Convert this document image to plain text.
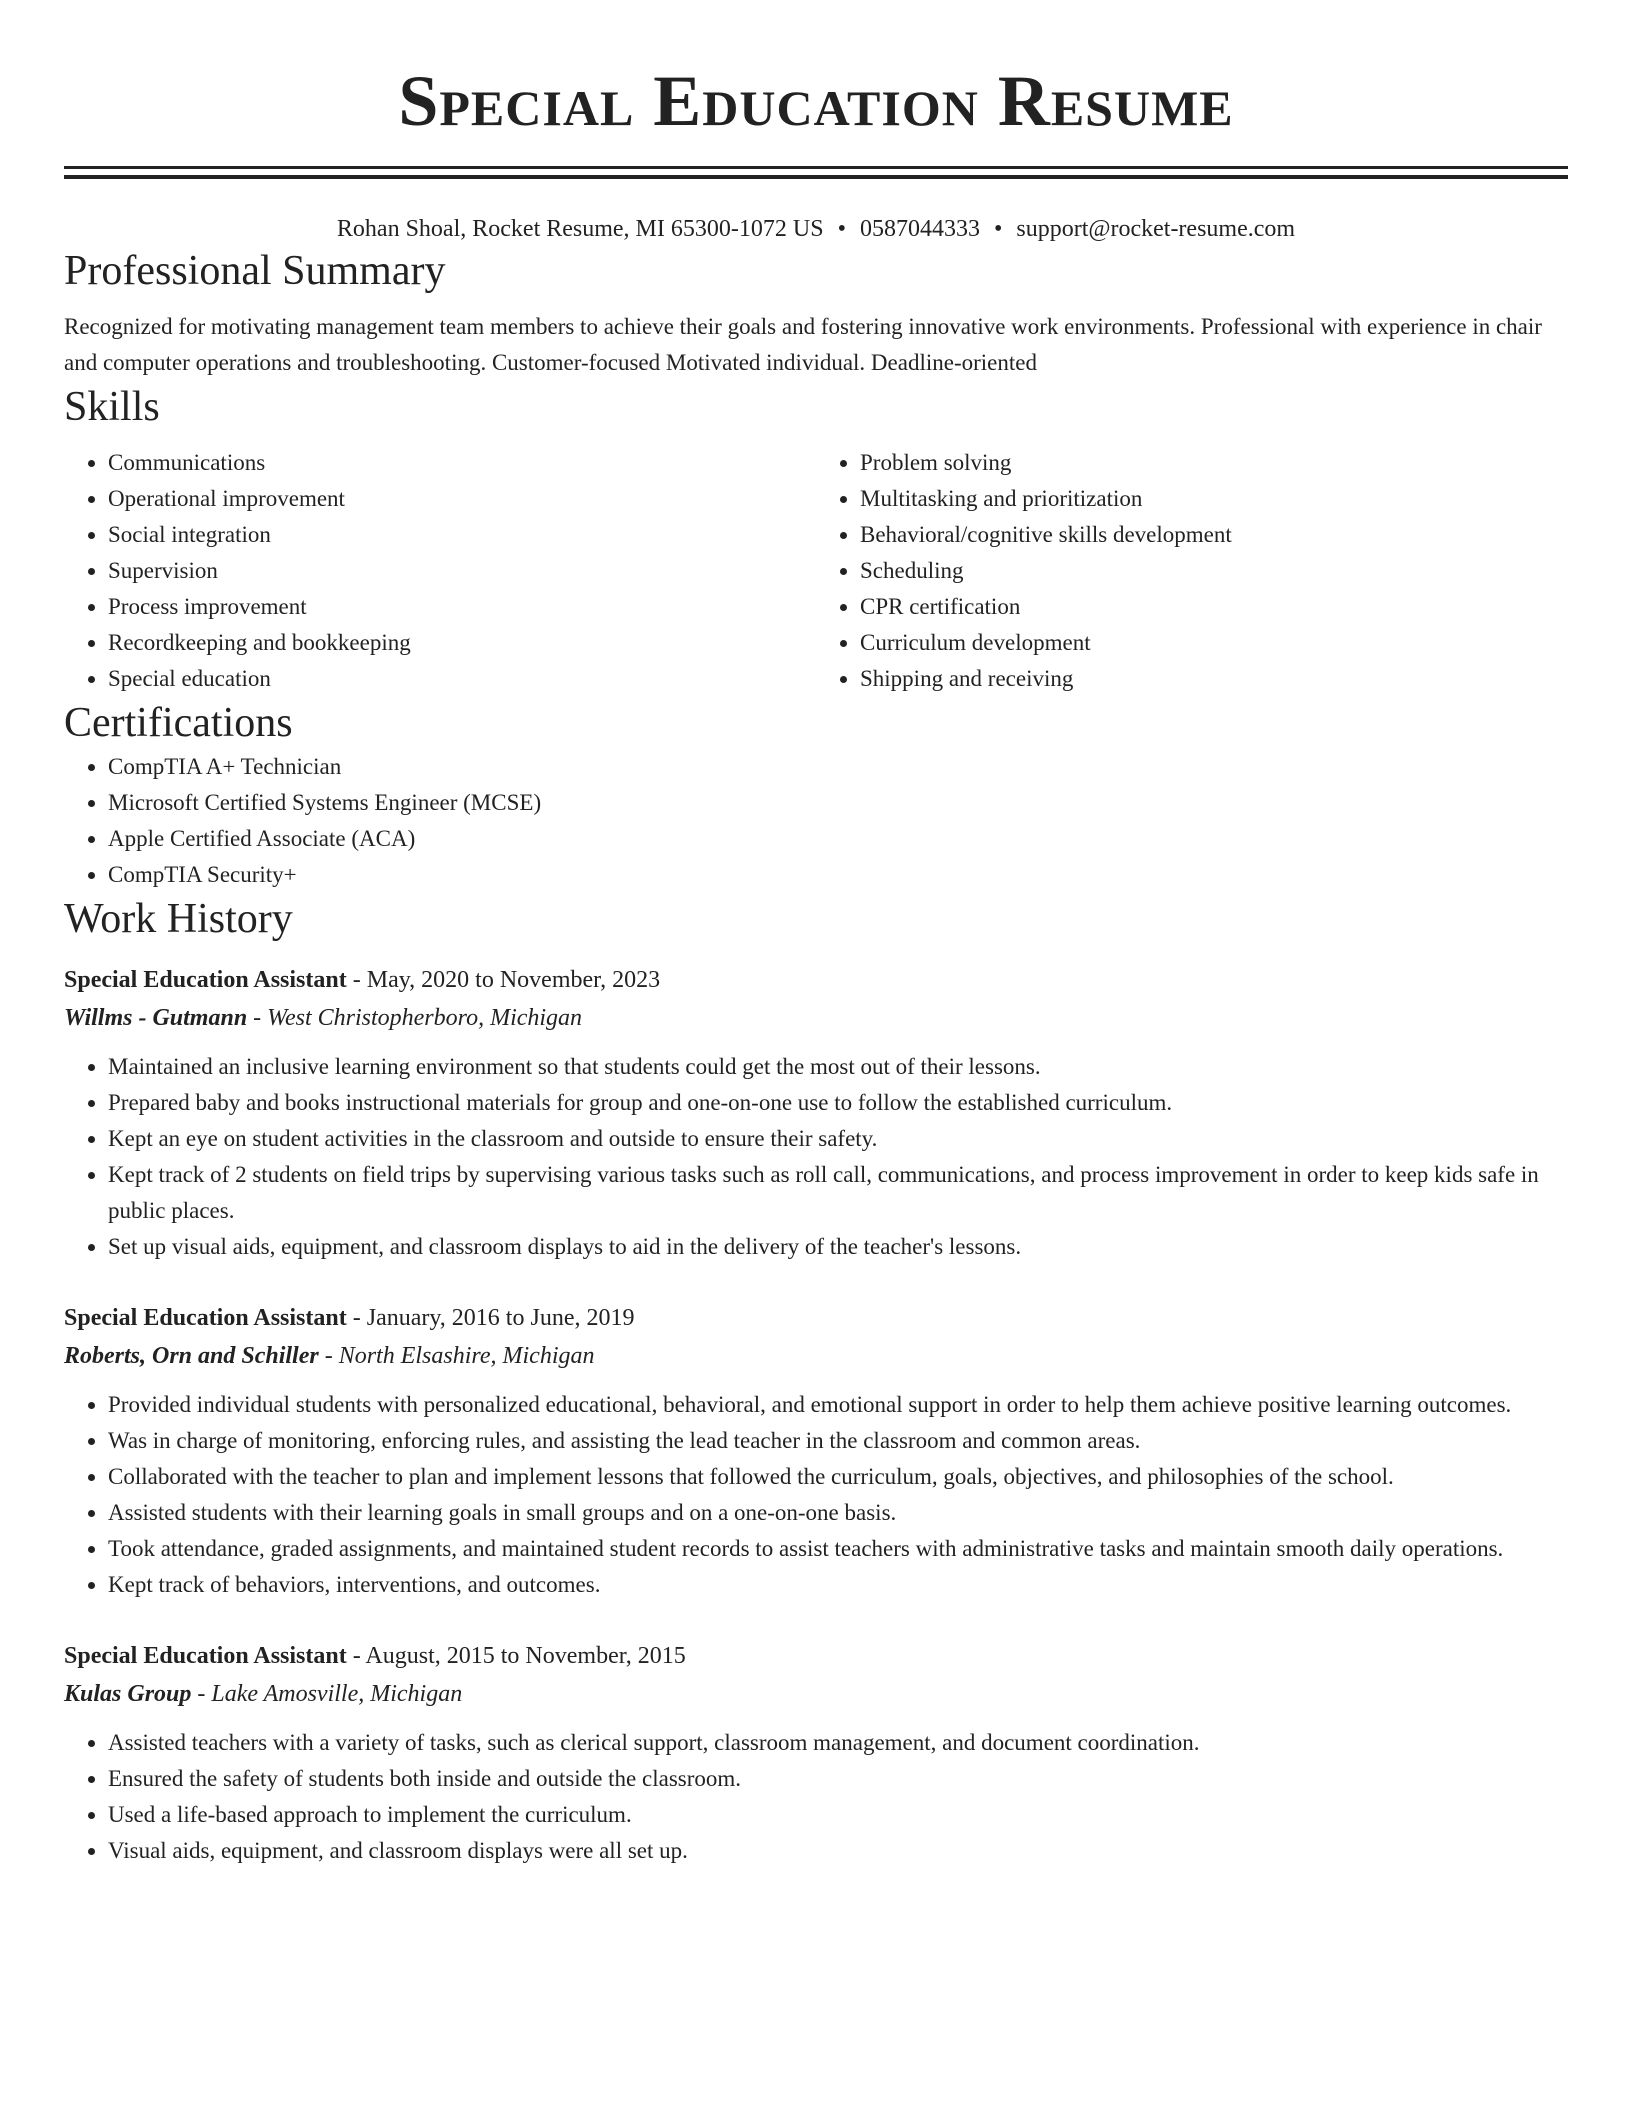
Special Education Resume
Rohan Shoal, Rocket Resume, MI 65300-1072 US • 0587044333 • support@rocket-resume.com
Professional Summary

Recognized for motivating management team members to achieve their goals and fostering innovative work environments. Professional with experience in chair and computer operations and troubleshooting. Customer-focused Motivated individual. Deadline-oriented

Skills
• Communications
• Operational improvement
• Social integration
• Supervision
• Process improvement
• Recordkeeping and bookkeeping
• Special education
• Problem solving
• Multitasking and prioritization
• Behavioral/cognitive skills development
• Scheduling
• CPR certification
• Curriculum development
• Shipping and receiving
Certifications
• CompTIA A+ Technician
• Microsoft Certified Systems Engineer (MCSE)
• Apple Certified Associate (ACA)
• CompTIA Security+
Work History
Special Education Assistant - May, 2020 to November, 2023
Willms - Gutmann - West Christopherboro, Michigan
• Maintained an inclusive learning environment so that students could get the most out of their lessons.
• Prepared baby and books instructional materials for group and one-on-one use to follow the established curriculum.
• Kept an eye on student activities in the classroom and outside to ensure their safety.
• Kept track of 2 students on field trips by supervising various tasks such as roll call, communications, and process improvement in order to keep kids safe in public places.
• Set up visual aids, equipment, and classroom displays to aid in the delivery of the teacher's lessons.
Special Education Assistant - January, 2016 to June, 2019
Roberts, Orn and Schiller - North Elsashire, Michigan
• Provided individual students with personalized educational, behavioral, and emotional support in order to help them achieve positive learning outcomes.
• Was in charge of monitoring, enforcing rules, and assisting the lead teacher in the classroom and common areas.
• Collaborated with the teacher to plan and implement lessons that followed the curriculum, goals, objectives, and philosophies of the school.
• Assisted students with their learning goals in small groups and on a one-on-one basis.
• Took attendance, graded assignments, and maintained student records to assist teachers with administrative tasks and maintain smooth daily operations.
• Kept track of behaviors, interventions, and outcomes.
Special Education Assistant - August, 2015 to November, 2015
Kulas Group - Lake Amosville, Michigan
• Assisted teachers with a variety of tasks, such as clerical support, classroom management, and document coordination.
• Ensured the safety of students both inside and outside the classroom.
• Used a life-based approach to implement the curriculum.
• Visual aids, equipment, and classroom displays were all set up.
